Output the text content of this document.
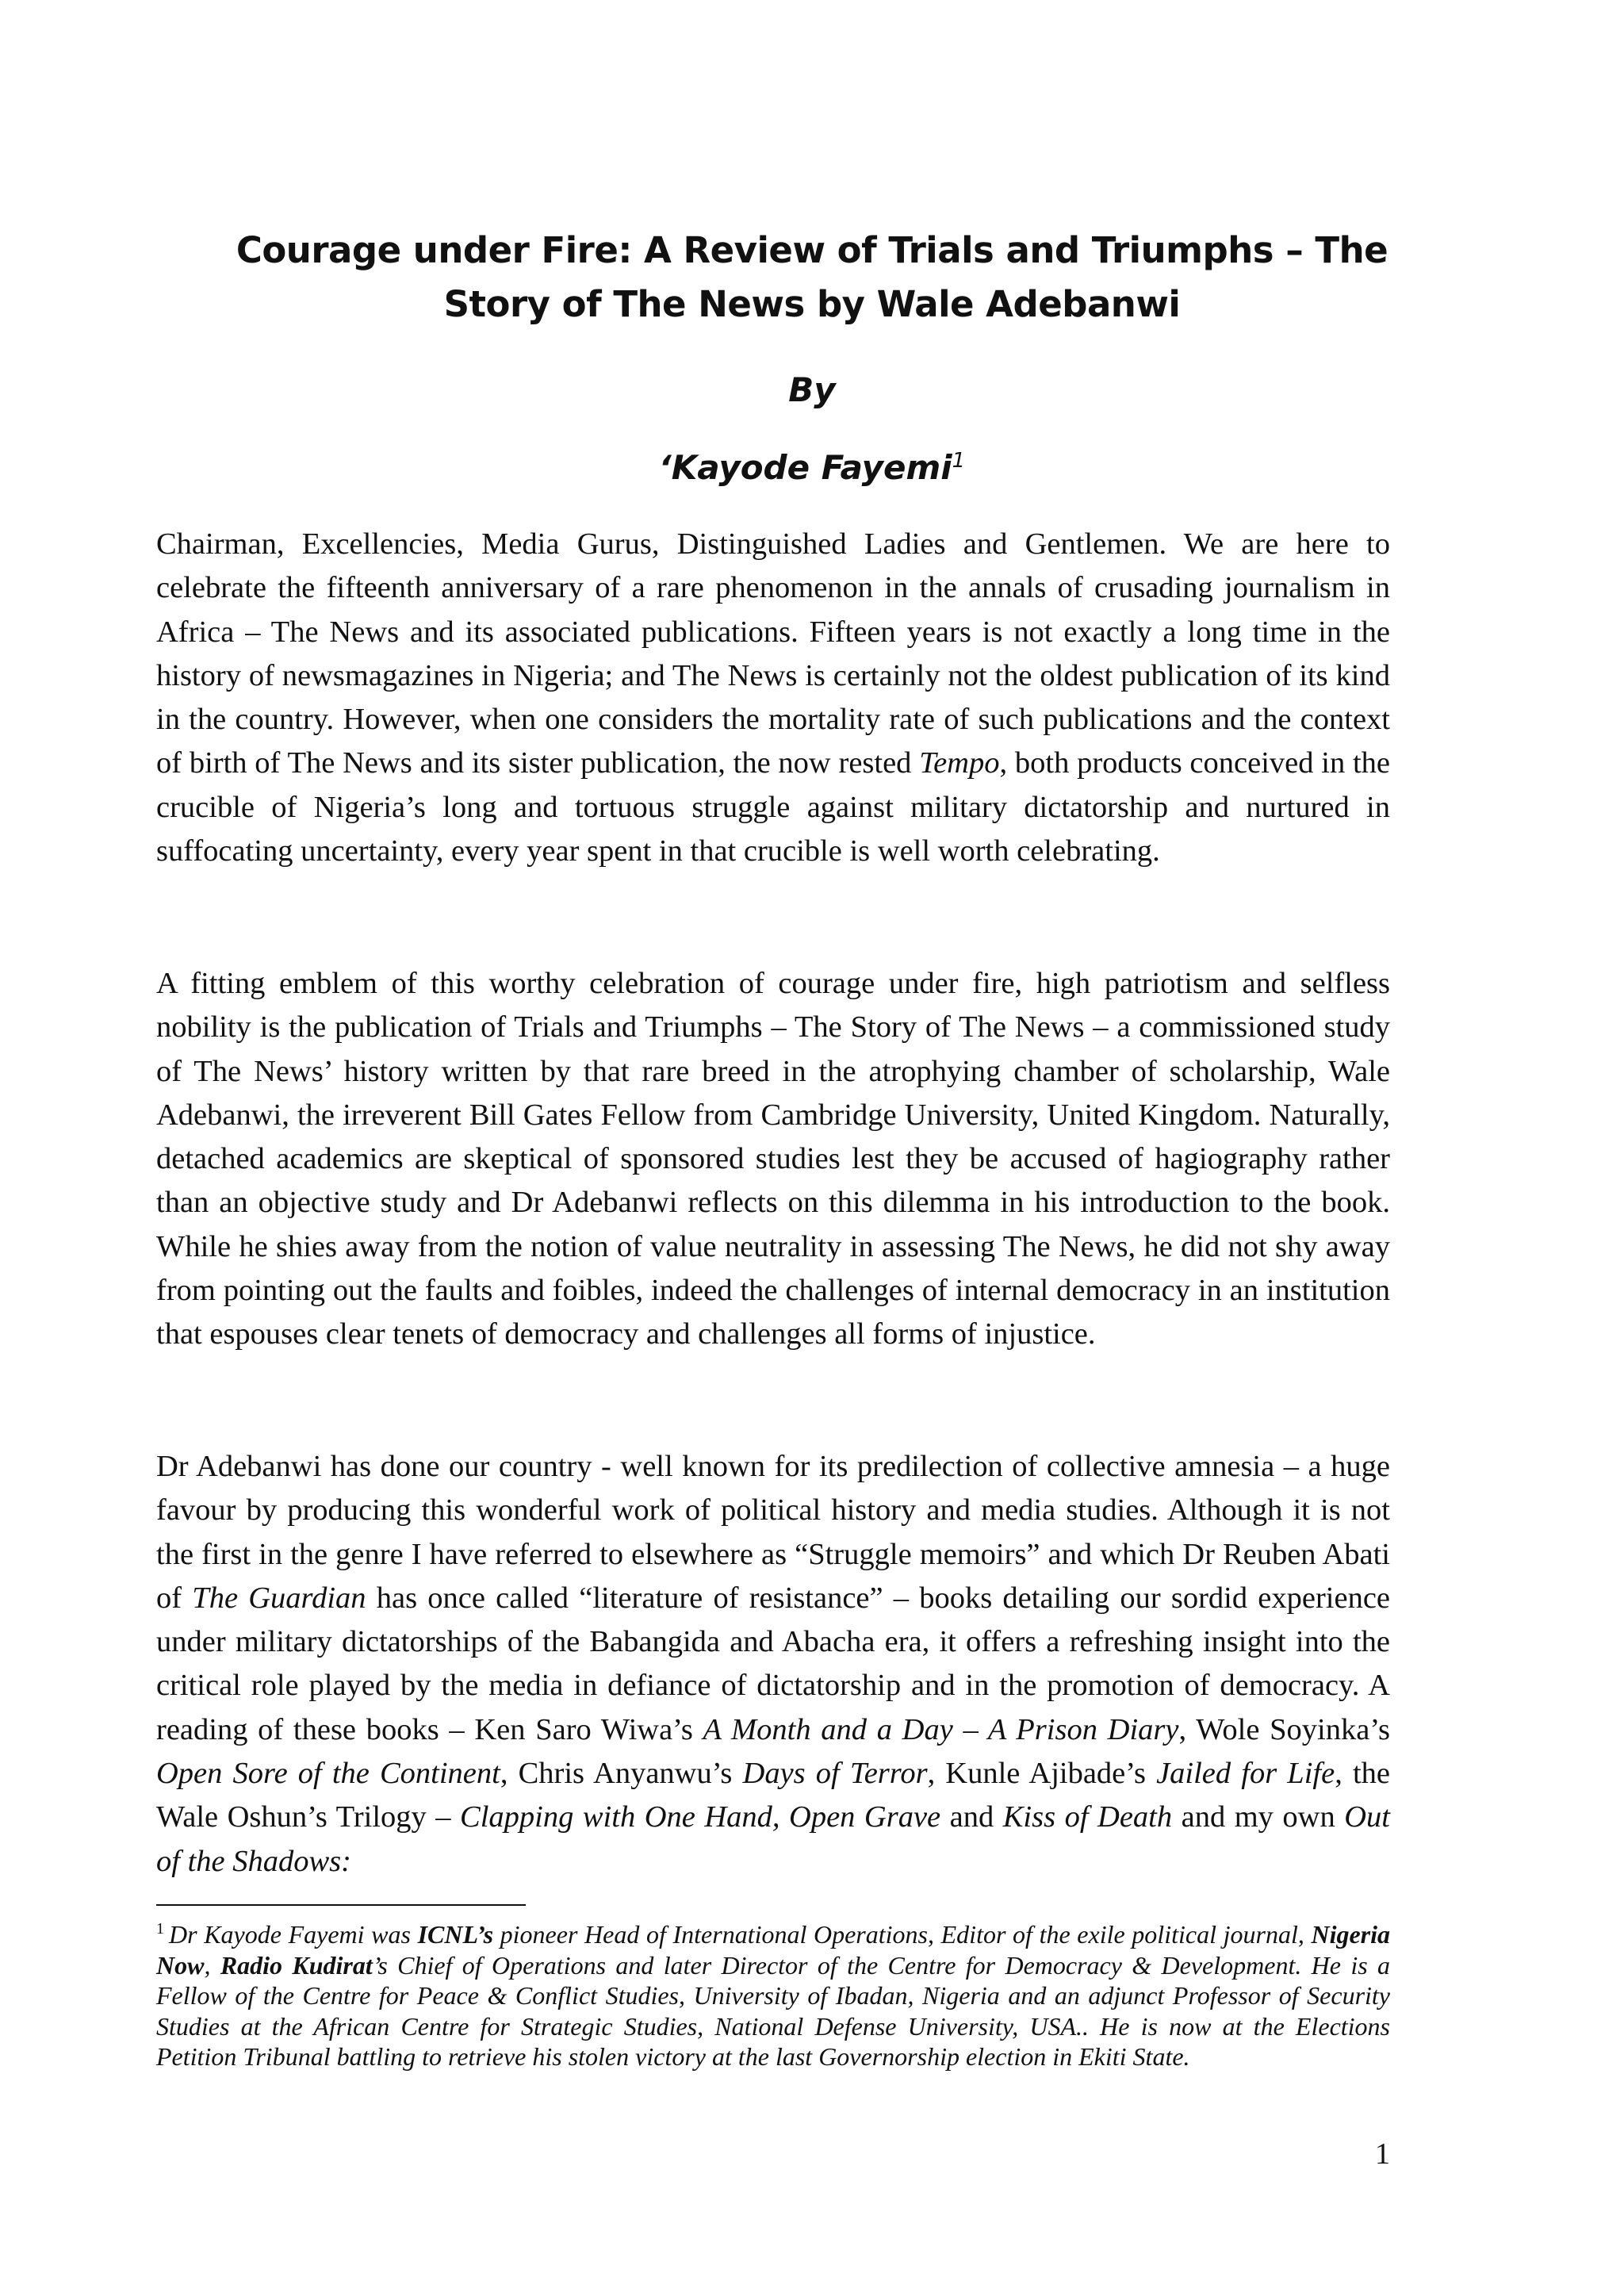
Courage under Fire: A Review of Trials and Triumphs – The
Story of The News by Wale Adebanwi
By
‘Kayode Fayemi$^1$

Chairman, Excellencies, Media Gurus, Distinguished Ladies and Gentlemen. We are here to celebrate the fifteenth anniversary of a rare phenomenon in the annals of crusading journalism in Africa – The News and its associated publications. Fifteen years is not exactly a long time in the history of newsmagazines in Nigeria; and The News is certainly not the oldest publication of its kind in the country. However, when one considers the mortality rate of such publications and the context of birth of The News and its sister publication, the now rested Tempo, both products conceived in the crucible of Nigeria’s long and tortuous struggle against military dictatorship and nurtured in suffocating uncertainty, every year spent in that crucible is well worth celebrating.

A fitting emblem of this worthy celebration of courage under fire, high patriotism and selfless nobility is the publication of Trials and Triumphs – The Story of The News – a commissioned study of The News’ history written by that rare breed in the atrophying chamber of scholarship, Wale Adebanwi, the irreverent Bill Gates Fellow from Cambridge University, United Kingdom. Naturally, detached academics are skeptical of sponsored studies lest they be accused of hagiography rather than an objective study and Dr Adebanwi reflects on this dilemma in his introduction to the book. While he shies away from the notion of value neutrality in assessing The News, he did not shy away from pointing out the faults and foibles, indeed the challenges of internal democracy in an institution that espouses clear tenets of democracy and challenges all forms of injustice.

Dr Adebanwi has done our country - well known for its predilection of collective amnesia – a huge favour by producing this wonderful work of political history and media studies. Although it is not the first in the genre I have referred to elsewhere as “Struggle memoirs” and which Dr Reuben Abati of The Guardian has once called “literature of resistance” – books detailing our sordid experience under military dictatorships of the Babangida and Abacha era, it offers a refreshing insight into the critical role played by the media in defiance of dictatorship and in the promotion of democracy. A reading of these books – Ken Saro Wiwa’s A Month and a Day – A Prison Diary, Wole Soyinka’s Open Sore of the Continent, Chris Anyanwu’s Days of Terror, Kunle Ajibade’s Jailed for Life, the Wale Oshun’s Trilogy – Clapping with One Hand, Open Grave and Kiss of Death and my own Out of the Shadows:

$^1$ Dr Kayode Fayemi was ICNL’s pioneer Head of International Operations, Editor of the exile political journal, Nigeria Now, Radio Kudirat’s Chief of Operations and later Director of the Centre for Democracy & Development. He is a Fellow of the Centre for Peace & Conflict Studies, University of Ibadan, Nigeria and an adjunct Professor of Security Studies at the African Centre for Strategic Studies, National Defense University, USA.. He is now at the Elections Petition Tribunal battling to retrieve his stolen victory at the last Governorship election in Ekiti State.

1
